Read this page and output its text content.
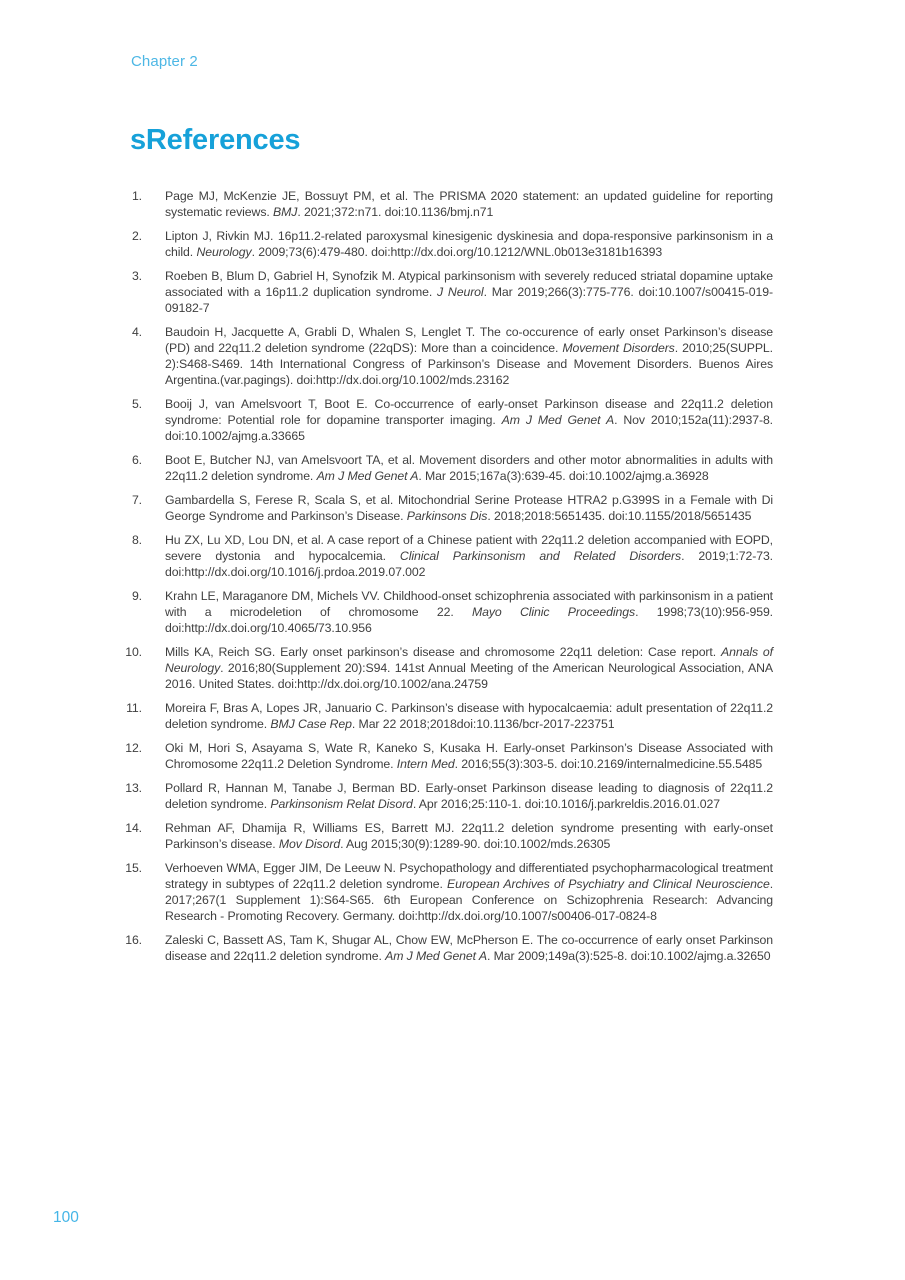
Chapter 2
sReferences
1. Page MJ, McKenzie JE, Bossuyt PM, et al. The PRISMA 2020 statement: an updated guideline for reporting systematic reviews. BMJ. 2021;372:n71. doi:10.1136/bmj.n71
2. Lipton J, Rivkin MJ. 16p11.2-related paroxysmal kinesigenic dyskinesia and dopa-responsive parkinsonism in a child. Neurology. 2009;73(6):479-480. doi:http://dx.doi.org/10.1212/WNL.0b013e3181b16393
3. Roeben B, Blum D, Gabriel H, Synofzik M. Atypical parkinsonism with severely reduced striatal dopamine uptake associated with a 16p11.2 duplication syndrome. J Neurol. Mar 2019;266(3):775-776. doi:10.1007/s00415-019-09182-7
4. Baudoin H, Jacquette A, Grabli D, Whalen S, Lenglet T. The co-occurence of early onset Parkinson’s disease (PD) and 22q11.2 deletion syndrome (22qDS): More than a coincidence. Movement Disorders. 2010;25(SUPPL. 2):S468-S469. 14th International Congress of Parkinson’s Disease and Movement Disorders. Buenos Aires Argentina.(var.pagings). doi:http://dx.doi.org/10.1002/mds.23162
5. Booij J, van Amelsvoort T, Boot E. Co-occurrence of early-onset Parkinson disease and 22q11.2 deletion syndrome: Potential role for dopamine transporter imaging. Am J Med Genet A. Nov 2010;152a(11):2937-8. doi:10.1002/ajmg.a.33665
6. Boot E, Butcher NJ, van Amelsvoort TA, et al. Movement disorders and other motor abnormalities in adults with 22q11.2 deletion syndrome. Am J Med Genet A. Mar 2015;167a(3):639-45. doi:10.1002/ajmg.a.36928
7. Gambardella S, Ferese R, Scala S, et al. Mitochondrial Serine Protease HTRA2 p.G399S in a Female with Di George Syndrome and Parkinson’s Disease. Parkinsons Dis. 2018;2018:5651435. doi:10.1155/2018/5651435
8. Hu ZX, Lu XD, Lou DN, et al. A case report of a Chinese patient with 22q11.2 deletion accompanied with EOPD, severe dystonia and hypocalcemia. Clinical Parkinsonism and Related Disorders. 2019;1:72-73. doi:http://dx.doi.org/10.1016/j.prdoa.2019.07.002
9. Krahn LE, Maraganore DM, Michels VV. Childhood-onset schizophrenia associated with parkinsonism in a patient with a microdeletion of chromosome 22. Mayo Clinic Proceedings. 1998;73(10):956-959. doi:http://dx.doi.org/10.4065/73.10.956
10. Mills KA, Reich SG. Early onset parkinson’s disease and chromosome 22q11 deletion: Case report. Annals of Neurology. 2016;80(Supplement 20):S94. 141st Annual Meeting of the American Neurological Association, ANA 2016. United States. doi:http://dx.doi.org/10.1002/ana.24759
11. Moreira F, Bras A, Lopes JR, Januario C. Parkinson’s disease with hypocalcaemia: adult presentation of 22q11.2 deletion syndrome. BMJ Case Rep. Mar 22 2018;2018doi:10.1136/bcr-2017-223751
12. Oki M, Hori S, Asayama S, Wate R, Kaneko S, Kusaka H. Early-onset Parkinson’s Disease Associated with Chromosome 22q11.2 Deletion Syndrome. Intern Med. 2016;55(3):303-5. doi:10.2169/internalmedicine.55.5485
13. Pollard R, Hannan M, Tanabe J, Berman BD. Early-onset Parkinson disease leading to diagnosis of 22q11.2 deletion syndrome. Parkinsonism Relat Disord. Apr 2016;25:110-1. doi:10.1016/j.parkreldis.2016.01.027
14. Rehman AF, Dhamija R, Williams ES, Barrett MJ. 22q11.2 deletion syndrome presenting with early-onset Parkinson’s disease. Mov Disord. Aug 2015;30(9):1289-90. doi:10.1002/mds.26305
15. Verhoeven WMA, Egger JIM, De Leeuw N. Psychopathology and differentiated psychopharmacological treatment strategy in subtypes of 22q11.2 deletion syndrome. European Archives of Psychiatry and Clinical Neuroscience. 2017;267(1 Supplement 1):S64-S65. 6th European Conference on Schizophrenia Research: Advancing Research - Promoting Recovery. Germany. doi:http://dx.doi.org/10.1007/s00406-017-0824-8
16. Zaleski C, Bassett AS, Tam K, Shugar AL, Chow EW, McPherson E. The co-occurrence of early onset Parkinson disease and 22q11.2 deletion syndrome. Am J Med Genet A. Mar 2009;149a(3):525-8. doi:10.1002/ajmg.a.32650
100
